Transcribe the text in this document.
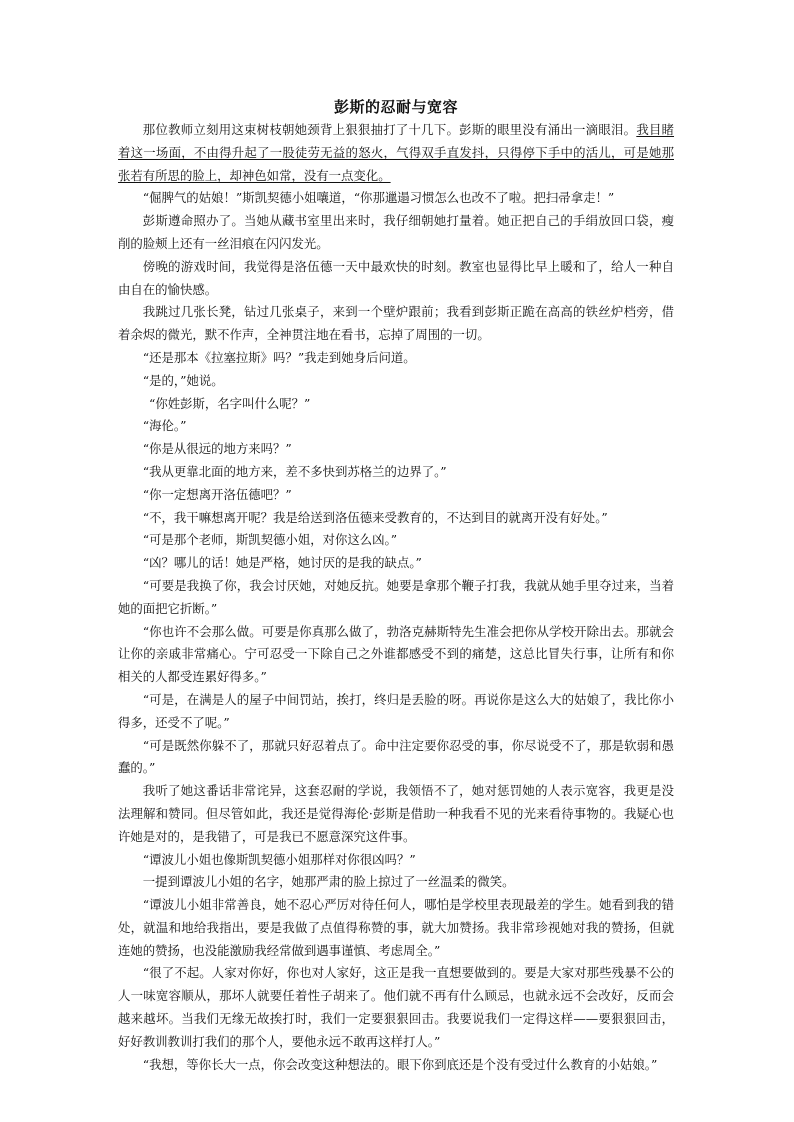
彭斯的忍耐与宽容

那位教师立刻用这束树枝朝她颈背上狠狠抽打了十几下。彭斯的眼里没有涌出一滴眼泪。我目睹着这一场面，不由得升起了一股徒劳无益的怒火，气得双手直发抖，只得停下手中的活儿，可是她那张若有所思的脸上，却神色如常，没有一点变化。

“倔脾气的姑娘！”斯凯契德小姐嚷道，“你那邋遢习惯怎么也改不了啦。把扫帚拿走！”

彭斯遵命照办了。当她从藏书室里出来时，我仔细朝她打量着。她正把自己的手绢放回口袋，瘦削的脸颊上还有一丝泪痕在闪闪发光。

傍晚的游戏时间，我觉得是洛伍德一天中最欢快的时刻。教室也显得比早上暖和了，给人一种自由自在的愉快感。

我跳过几张长凳，钻过几张桌子，来到一个壁炉跟前；我看到彭斯正跪在高高的铁丝炉档旁，借着余烬的微光，默不作声，全神贯注地在看书，忘掉了周围的一切。

“还是那本《拉塞拉斯》吗？”我走到她身后问道。

“是的，”她说。

“你姓彭斯，名字叫什么呢？”

“海伦。”

“你是从很远的地方来吗？”

“我从更靠北面的地方来，差不多快到苏格兰的边界了。”

“你一定想离开洛伍德吧？”

“不，我干嘛想离开呢？我是给送到洛伍德来受教育的，不达到目的就离开没有好处。”

“可是那个老师，斯凯契德小姐，对你这么凶。”

“凶？哪儿的话！她是严格，她讨厌的是我的缺点。”

“可要是我换了你，我会讨厌她，对她反抗。她要是拿那个鞭子打我，我就从她手里夺过来，当着她的面把它折断。”

“你也许不会那么做。可要是你真那么做了，勃洛克赫斯特先生准会把你从学校开除出去。那就会让你的亲戚非常痛心。宁可忍受一下除自己之外谁都感受不到的痛楚，这总比冒失行事，让所有和你相关的人都受连累好得多。”

“可是，在满是人的屋子中间罚站，挨打，终归是丢脸的呀。再说你是这么大的姑娘了，我比你小得多，还受不了呢。”

“可是既然你躲不了，那就只好忍着点了。命中注定要你忍受的事，你尽说受不了，那是软弱和愚蠢的。”

我听了她这番话非常诧异，这套忍耐的学说，我领悟不了，她对惩罚她的人表示宽容，我更是没法理解和赞同。但尽管如此，我还是觉得海伦·彭斯是借助一种我看不见的光来看待事物的。我疑心也许她是对的，是我错了，可是我已不愿意深究这件事。

“谭波儿小姐也像斯凯契德小姐那样对你很凶吗？”

一提到谭波儿小姐的名字，她那严肃的脸上掠过了一丝温柔的微笑。

“谭波儿小姐非常善良，她不忍心严厉对待任何人，哪怕是学校里表现最差的学生。她看到我的错处，就温和地给我指出，要是我做了点值得称赞的事，就大加赞扬。我非常珍视她对我的赞扬，但就连她的赞扬，也没能激励我经常做到遇事谨慎、考虑周全。”

“很了不起。人家对你好，你也对人家好，这正是我一直想要做到的。要是大家对那些残暴不公的人一味宽容顺从，那坏人就要任着性子胡来了。他们就不再有什么顾忌，也就永远不会改好，反而会越来越坏。当我们无缘无故挨打时，我们一定要狠狠回击。我要说我们一定得这样——要狠狠回击，好好教训教训打我们的那个人，要他永远不敢再这样打人。”

“我想，等你长大一点，你会改变这种想法的。眼下你到底还是个没有受过什么教育的小姑娘。”
